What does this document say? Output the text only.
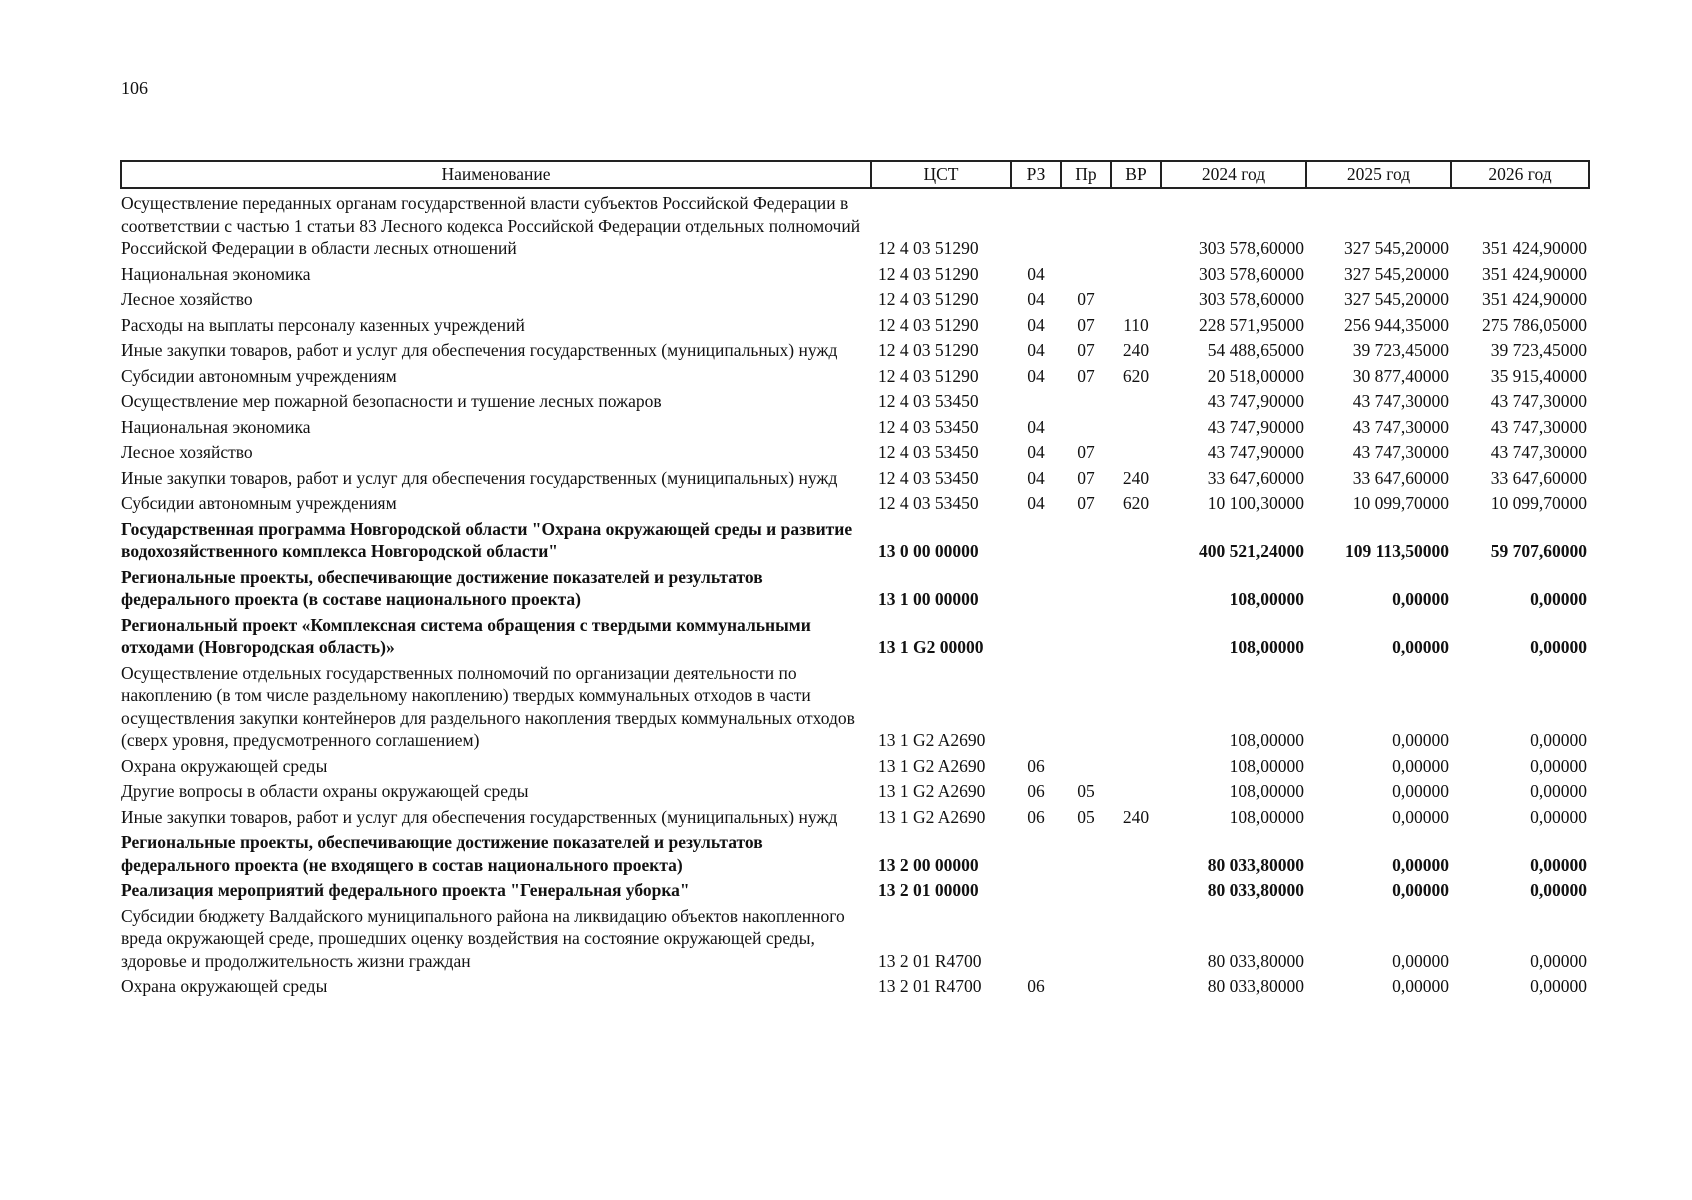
106
Наименование	ЦСТ	РЗ	Пр	ВР	2024 год	2025 год	2026 год
Осуществление переданных органам государственной власти субъектов Российской Федерации в соответствии с частью 1 статьи 83 Лесного кодекса Российской Федерации отдельных полномочий Российской Федерации в области лесных отношений	12 4 03 51290				303 578,60000	327 545,20000	351 424,90000
Национальная экономика	12 4 03 51290	04			303 578,60000	327 545,20000	351 424,90000
Лесное хозяйство	12 4 03 51290	04	07		303 578,60000	327 545,20000	351 424,90000
Расходы на выплаты персоналу казенных учреждений	12 4 03 51290	04	07	110	228 571,95000	256 944,35000	275 786,05000
Иные закупки товаров, работ и услуг для обеспечения государственных (муниципальных) нужд	12 4 03 51290	04	07	240	54 488,65000	39 723,45000	39 723,45000
Субсидии автономным учреждениям	12 4 03 51290	04	07	620	20 518,00000	30 877,40000	35 915,40000
Осуществление мер пожарной безопасности и тушение лесных пожаров	12 4 03 53450				43 747,90000	43 747,30000	43 747,30000
Национальная экономика	12 4 03 53450	04			43 747,90000	43 747,30000	43 747,30000
Лесное хозяйство	12 4 03 53450	04	07		43 747,90000	43 747,30000	43 747,30000
Иные закупки товаров, работ и услуг для обеспечения государственных (муниципальных) нужд	12 4 03 53450	04	07	240	33 647,60000	33 647,60000	33 647,60000
Субсидии автономным учреждениям	12 4 03 53450	04	07	620	10 100,30000	10 099,70000	10 099,70000
Государственная программа Новгородской области "Охрана окружающей среды и развитие водохозяйственного комплекса Новгородской области"	13 0 00 00000				400 521,24000	109 113,50000	59 707,60000
Региональные проекты, обеспечивающие достижение показателей и результатов федерального проекта (в составе национального проекта)	13 1 00 00000				108,00000	0,00000	0,00000
Региональный проект «Комплексная система обращения с твердыми коммунальными отходами (Новгородская область)»	13 1 G2 00000				108,00000	0,00000	0,00000
Осуществление отдельных государственных полномочий по организации деятельности по накоплению (в том числе раздельному накоплению) твердых коммунальных отходов в части осуществления закупки контейнеров для раздельного накопления твердых коммунальных отходов (сверх уровня, предусмотренного соглашением)	13 1 G2 A2690				108,00000	0,00000	0,00000
Охрана окружающей среды	13 1 G2 A2690	06			108,00000	0,00000	0,00000
Другие вопросы в области охраны окружающей среды	13 1 G2 A2690	06	05		108,00000	0,00000	0,00000
Иные закупки товаров, работ и услуг для обеспечения государственных (муниципальных) нужд	13 1 G2 A2690	06	05	240	108,00000	0,00000	0,00000
Региональные проекты, обеспечивающие достижение показателей и результатов федерального проекта (не входящего в состав национального проекта)	13 2 00 00000				80 033,80000	0,00000	0,00000
Реализация мероприятий федерального проекта "Генеральная уборка"	13 2 01 00000				80 033,80000	0,00000	0,00000
Субсидии бюджету Валдайского муниципального района на ликвидацию объектов накопленного вреда окружающей среде, прошедших оценку воздействия на состояние окружающей среды, здоровье и продолжительность жизни граждан	13 2 01 R4700				80 033,80000	0,00000	0,00000
Охрана окружающей среды	13 2 01 R4700	06			80 033,80000	0,00000	0,00000
